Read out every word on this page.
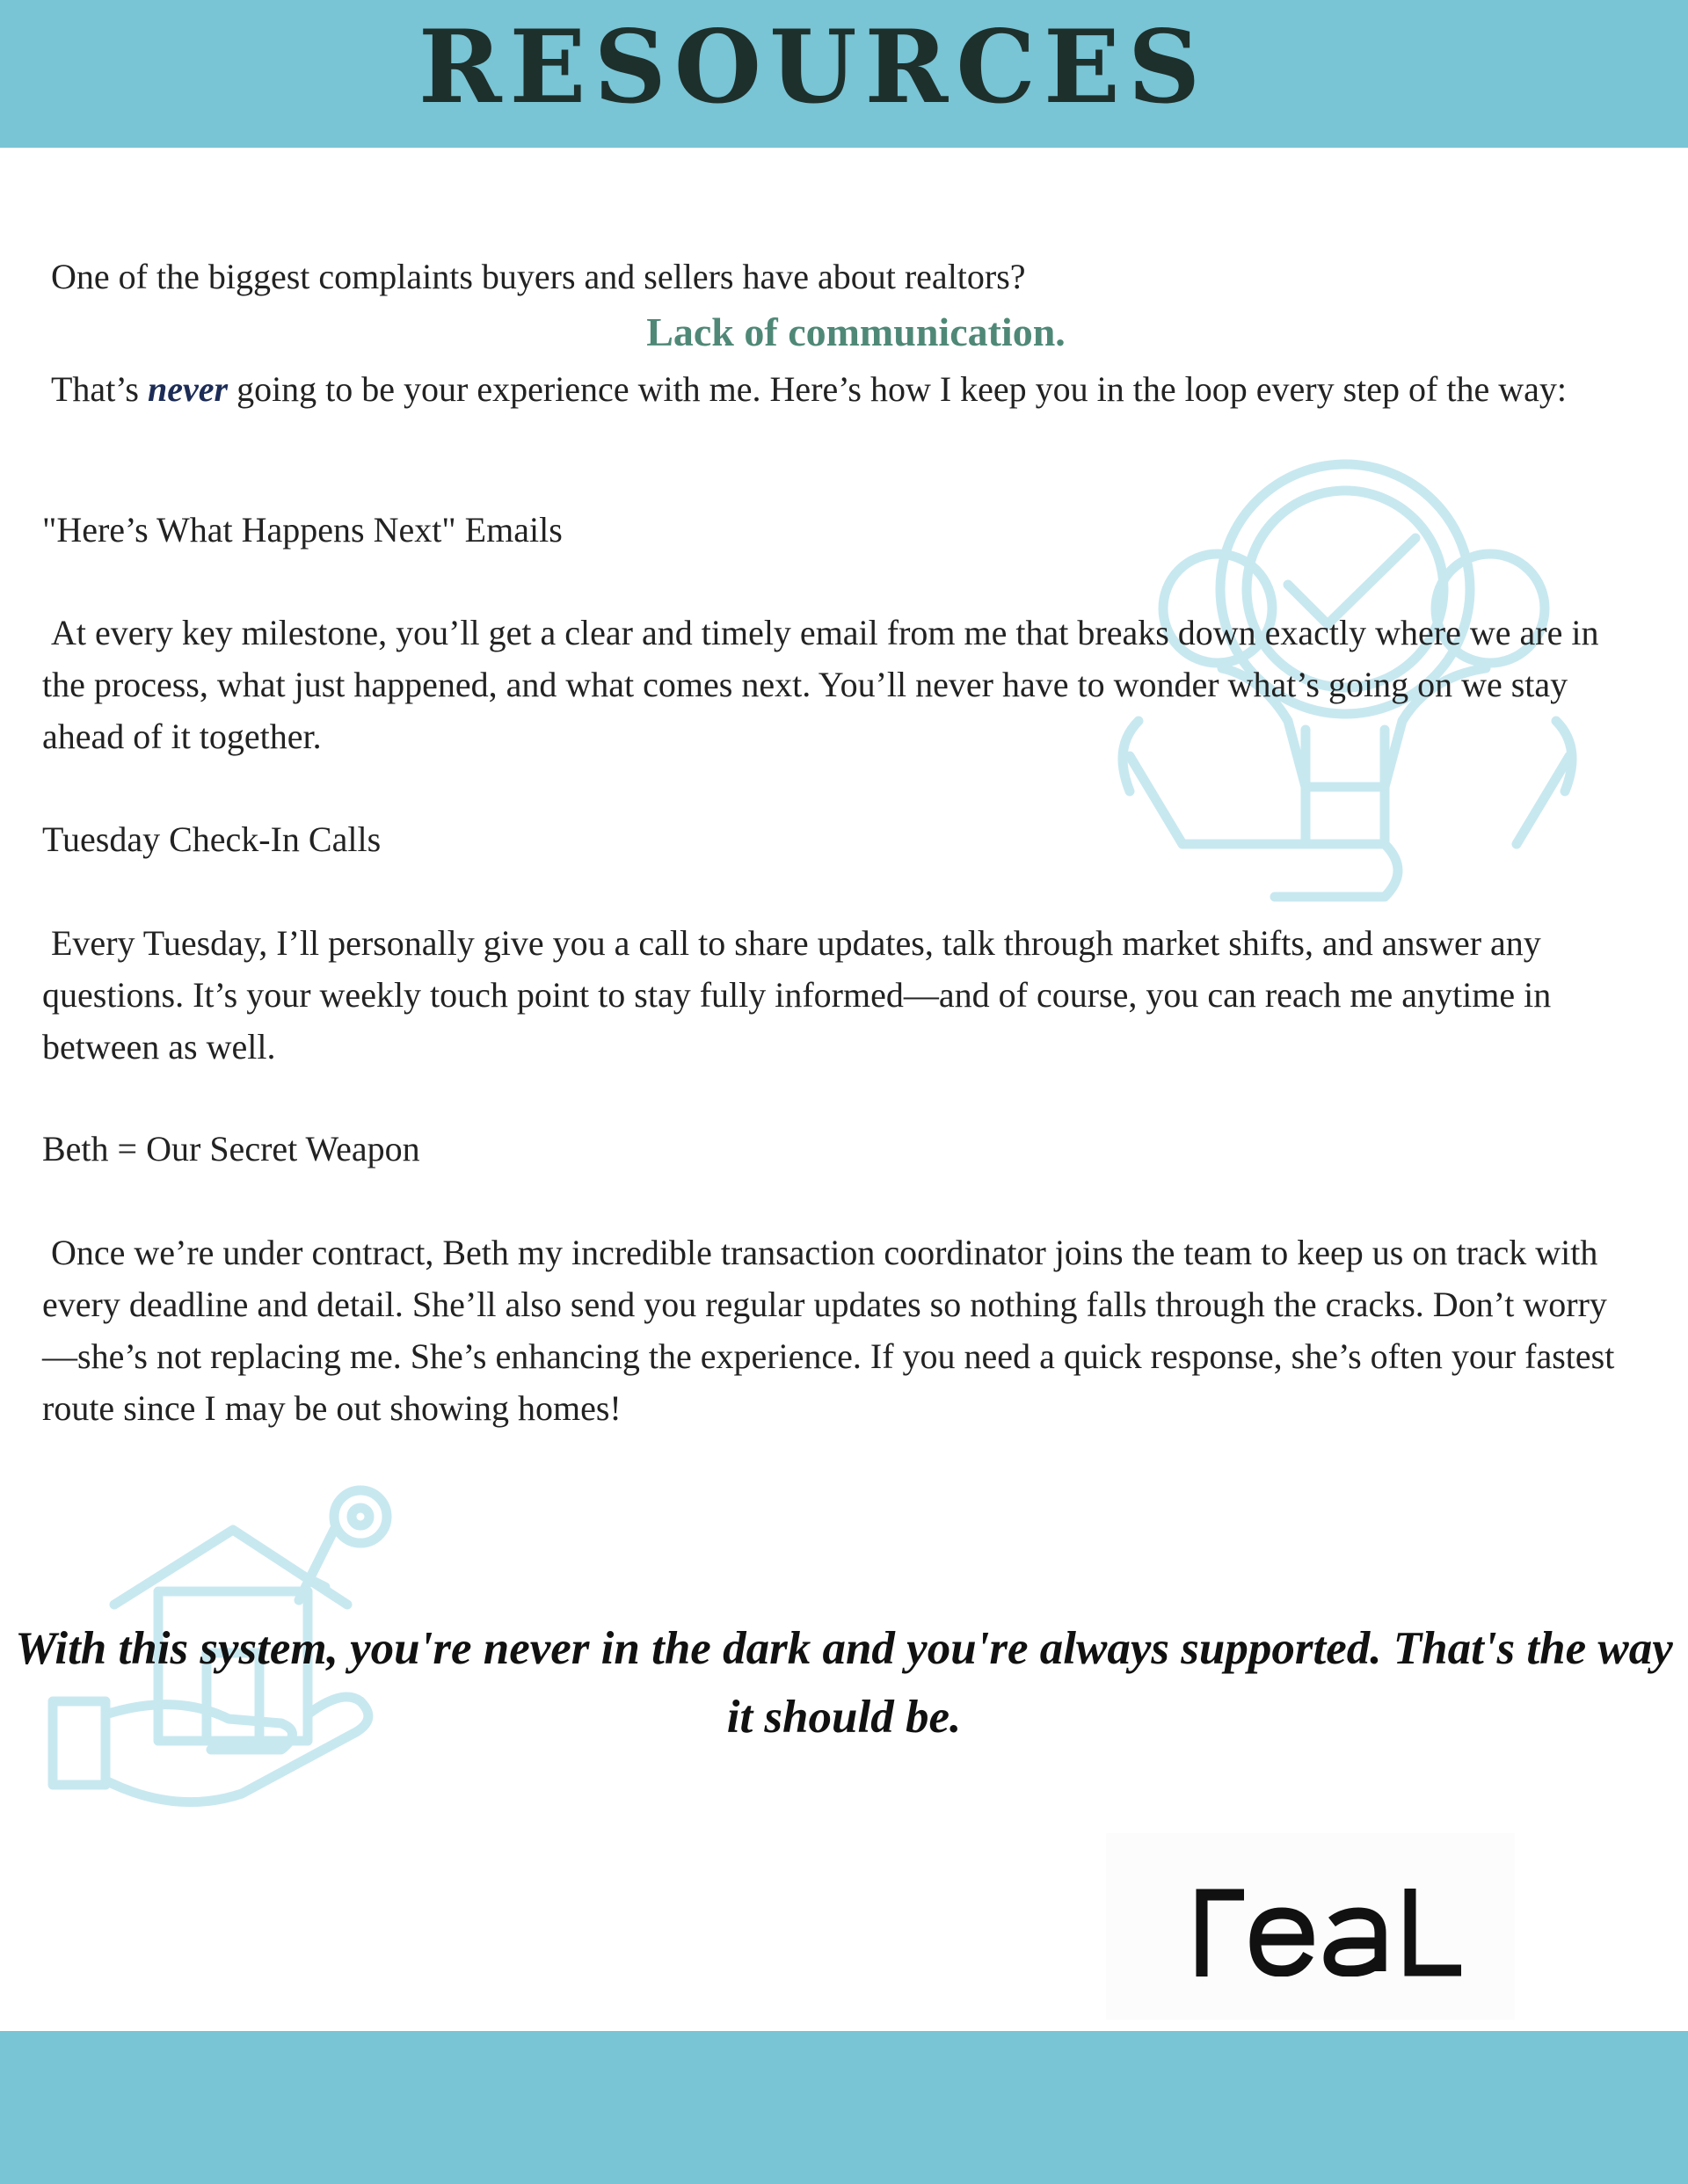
RESOURCES
One of the biggest complaints buyers and sellers have about realtors?
Lack of communication.
That’s never going to be your experience with me. Here’s how I keep you in the loop every step of the way:
"Here’s What Happens Next" Emails
At every key milestone, you’ll get a clear and timely email from me that breaks down exactly where we are in the process, what just happened, and what comes next. You’ll never have to wonder what’s going on we stay ahead of it together.
Tuesday Check-In Calls
Every Tuesday, I’ll personally give you a call to share updates, talk through market shifts, and answer any questions. It’s your weekly touch point to stay fully informed—and of course, you can reach me anytime in between as well.
Beth = Our Secret Weapon
Once we’re under contract, Beth my incredible transaction coordinator joins the team to keep us on track with every deadline and detail. She’ll also send you regular updates so nothing falls through the cracks. Don’t worry—she’s not replacing me. She’s enhancing the experience. If you need a quick response, she’s often your fastest route since I may be out showing homes!
With this system, you're never in the dark and you're always supported. That's the way it should be.
